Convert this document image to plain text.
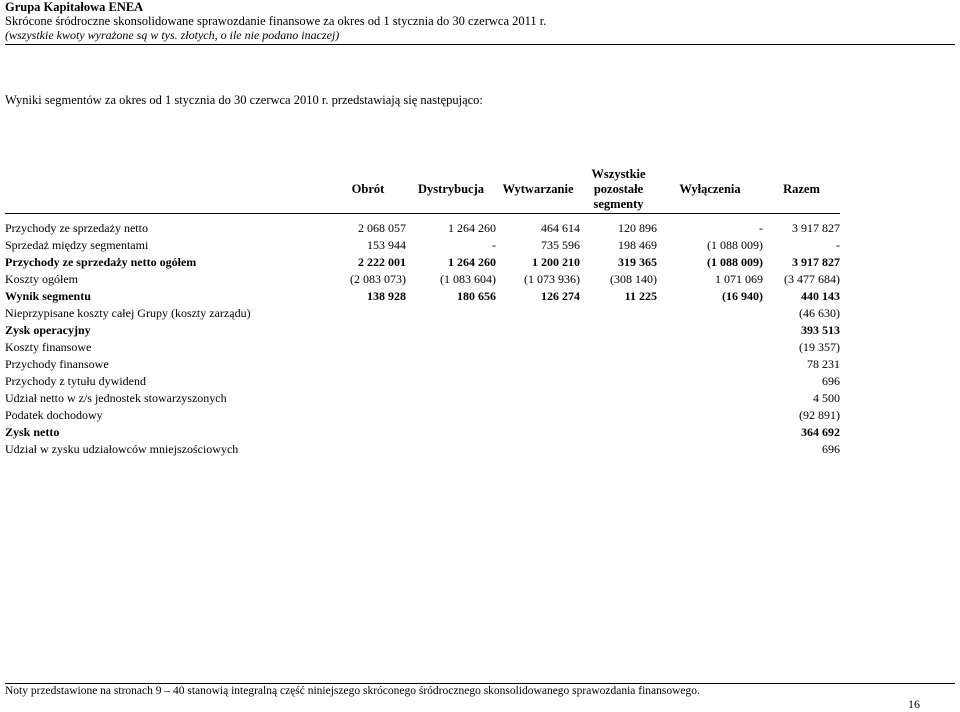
Grupa Kapitałowa ENEA
Skrócone śródroczne skonsolidowane sprawozdanie finansowe za okres od 1 stycznia do 30 czerwca 2011 r.
(wszystkie kwoty wyrażone są w tys. złotych, o ile nie podano inaczej)
Wyniki segmentów za okres od 1 stycznia do 30 czerwca 2010 r. przedstawiają się następująco:
	Obrót	Dystrybucja	Wytwarzanie	Wszystkie pozostałe segmenty	Wyłączenia	Razem

Przychody ze sprzedaży netto	2 068 057	1 264 260	464 614	120 896	-	3 917 827
Sprzedaż między segmentami	153 944	-	735 596	198 469	(1 088 009)	-
Przychody ze sprzedaży netto ogółem	2 222 001	1 264 260	1 200 210	319 365	(1 088 009)	3 917 827
Koszty ogółem	(2 083 073)	(1 083 604)	(1 073 936)	(308 140)	1 071 069	(3 477 684)
Wynik segmentu	138 928	180 656	126 274	11 225	(16 940)	440 143
Nieprzypisane koszty całej Grupy (koszty zarządu)						(46 630)
Zysk operacyjny						393 513
Koszty finansowe						(19 357)
Przychody finansowe						78 231
Przychody z tytułu dywidend						696
Udział netto w z/s jednostek stowarzyszonych						4 500
Podatek dochodowy						(92 891)
Zysk netto						364 692
Udział w zysku udziałowców mniejszościowych						696
Noty przedstawione na stronach 9 – 40 stanowią integralną część niniejszego skróconego śródrocznego skonsolidowanego sprawozdania finansowego.
16
